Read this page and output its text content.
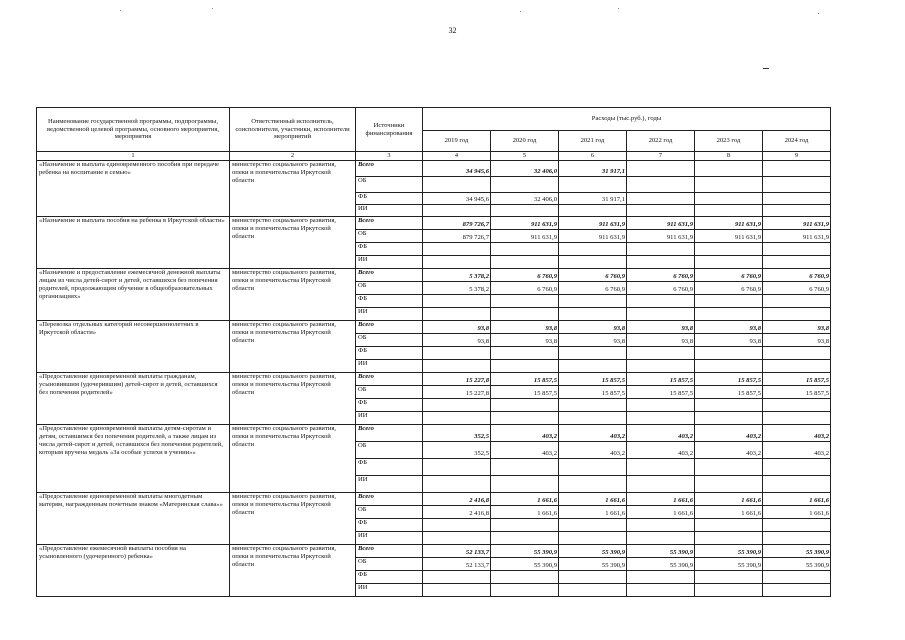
32
Наименование государственной программы, подпрограммы, ведомственной целевой программы, основного мероприятия, мероприятия	Ответственный исполнитель, соисполнители, участники, исполнители мероприятий	Источники финансирования	Расходы (тыс.руб.), годы					
			2019 год	2020 год	2021 год	2022 год	2023 год	2024 год
1	2	3	4	5	6	7	8	9
«Назначение и выплата единовременного пособия при передаче ребенка на воспитание в семью»	министерство социального развития, опеки и попечительства Иркутской области	Всего	34 945,6	32 406,0	31 917,1			
		ОБ						
		ФБ	34 945,6	32 406,0	31 917,1			
		ИИ						
«Назначение и выплата пособия на ребенка в Иркутской области»	министерство социального развития, опеки и попечительства Иркутской области	Всего	879 726,7	911 631,9	911 631,9	911 631,9	911 631,9	911 631,9
		ОБ	879 726,7	911 631,9	911 631,9	911 631,9	911 631,9	911 631,9
		ФБ						
		ИИ						
«Назначение и предоставление ежемесячной денежной выплаты лицам из числа детей-сирот и детей, оставшихся без попечения родителей, продолжающим обучение в общеобразовательных организациях»	министерство социального развития, опеки и попечительства Иркутской области	Всего	5 378,2	6 760,9	6 760,9	6 760,9	6 760,9	6 760,9
		ОБ	5 378,2	6 760,9	6 760,9	6 760,9	6 760,9	6 760,9
		ФБ						
		ИИ						
«Перевозка отдельных категорий несовершеннолетних в Иркутской области»	министерство социального развития, опеки и попечительства Иркутской области	Всего	93,8	93,8	93,8	93,8	93,8	93,8
		ОБ	93,8	93,8	93,8	93,8	93,8	93,8
		ФБ						
		ИИ						
«Предоставление единовременной выплаты гражданам, усыновившим (удочерившим) детей-сирот и детей, оставшихся без попечения родителей»	министерство социального развития, опеки и попечительства Иркутской области	Всего	15 227,8	15 857,5	15 857,5	15 857,5	15 857,5	15 857,5
		ОБ	15 227,8	15 857,5	15 857,5	15 857,5	15 857,5	15 857,5
		ФБ						
		ИИ						
«Предоставление единовременной выплаты детям-сиротам и детям, оставшимся без попечения родителей, а также лицам из числа детей-сирот и детей, оставшихся без попечения родителей, которым вручена медаль «За особые успехи в учении»»	министерство социального развития, опеки и попечительства Иркутской области	Всего	352,5	403,2	403,2	403,2	403,2	403,2
		ОБ	352,5	403,2	403,2	403,2	403,2	403,2
		ФБ						
		ИИ						
«Предоставление единовременной выплаты многодетным матерям, награжденным почетным знаком «Материнская слава»»	министерство социального развития, опеки и попечительства Иркутской области	Всего	2 416,8	1 661,6	1 661,6	1 661,6	1 661,6	1 661,6
		ОБ	2 416,8	1 661,6	1 661,6	1 661,6	1 661,6	1 661,6
		ФБ						
		ИИ						
«Предоставление ежемесячной выплаты пособия на усыновленного (удочеренного) ребенка»	министерство социального развития, опеки и попечительства Иркутской области	Всего	52 133,7	55 390,9	55 390,9	55 390,9	55 390,9	55 390,9
		ОБ	52 133,7	55 390,9	55 390,9	55 390,9	55 390,9	55 390,9
		ФБ						
		ИИ						
